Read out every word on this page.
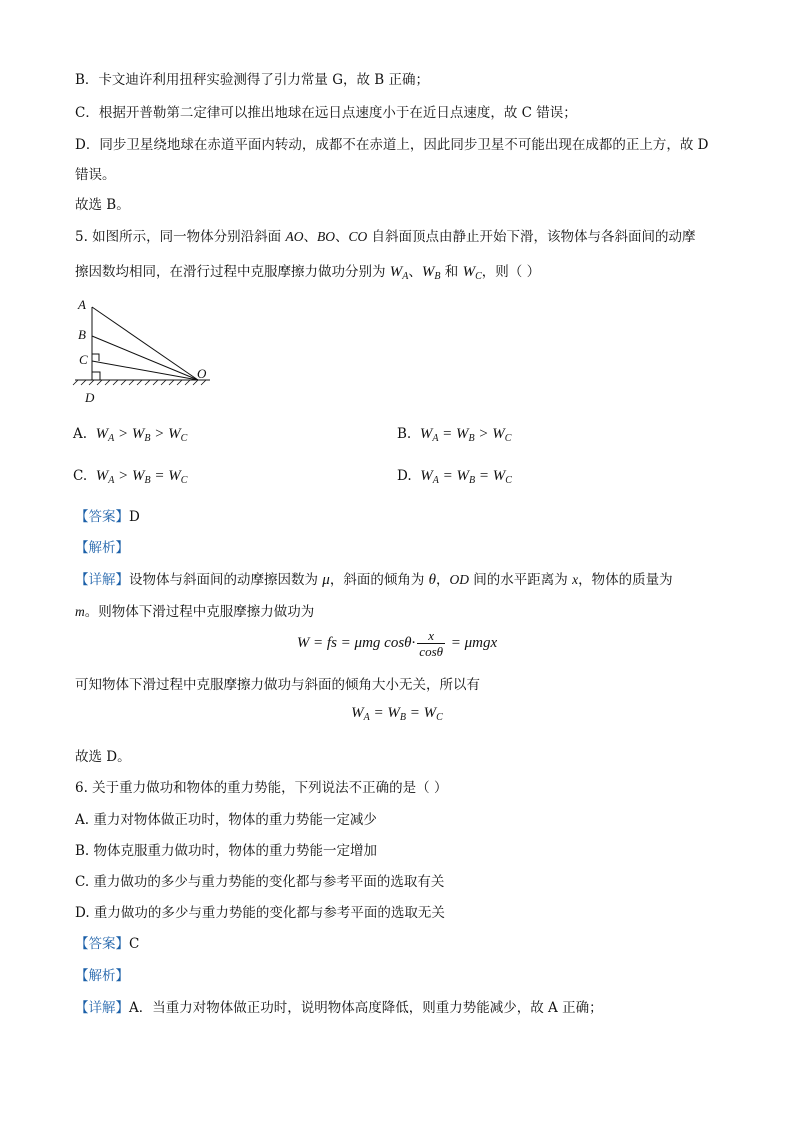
B．卡文迪许利用扭秤实验测得了引力常量 G，故 B 正确；
C．根据开普勒第二定律可以推出地球在远日点速度小于在近日点速度，故 C 错误；
D．同步卫星绕地球在赤道平面内转动，成都不在赤道上，因此同步卫星不可能出现在成都的正上方，故 D
错误。
故选 B。
5. 如图所示，同一物体分别沿斜面 AO、BO、CO 自斜面顶点由静止开始下滑，该物体与各斜面间的动摩
擦因数均相同，在滑行过程中克服摩擦力做功分别为 $W_A$、$W_B$ 和 $W_C$，则（ ）
A
B
C
D
O
A. $W_A > W_B > W_C$	B. $W_A = W_B > W_C$
C. $W_A > W_B = W_C$	D. $W_A = W_B = W_C$
【答案】D
【解析】
【详解】设物体与斜面间的动摩擦因数为 μ，斜面的倾角为 θ，OD 间的水平距离为 x，物体的质量为
m。则物体下滑过程中克服摩擦力做功为
W = fs = μmg $\cos\theta\cdot \frac{x}{\cos\theta} = \mu mgx$
可知物体下滑过程中克服摩擦力做功与斜面的倾角大小无关，所以有
$W_A = W_B = W_C$
故选 D。
6. 关于重力做功和物体的重力势能，下列说法不正确的是（ ）
A. 重力对物体做正功时，物体的重力势能一定减少
B. 物体克服重力做功时，物体的重力势能一定增加
C. 重力做功的多少与重力势能的变化都与参考平面的选取有关
D. 重力做功的多少与重力势能的变化都与参考平面的选取无关
【答案】C
【解析】
【详解】A．当重力对物体做正功时，说明物体高度降低，则重力势能减少，故 A 正确；
